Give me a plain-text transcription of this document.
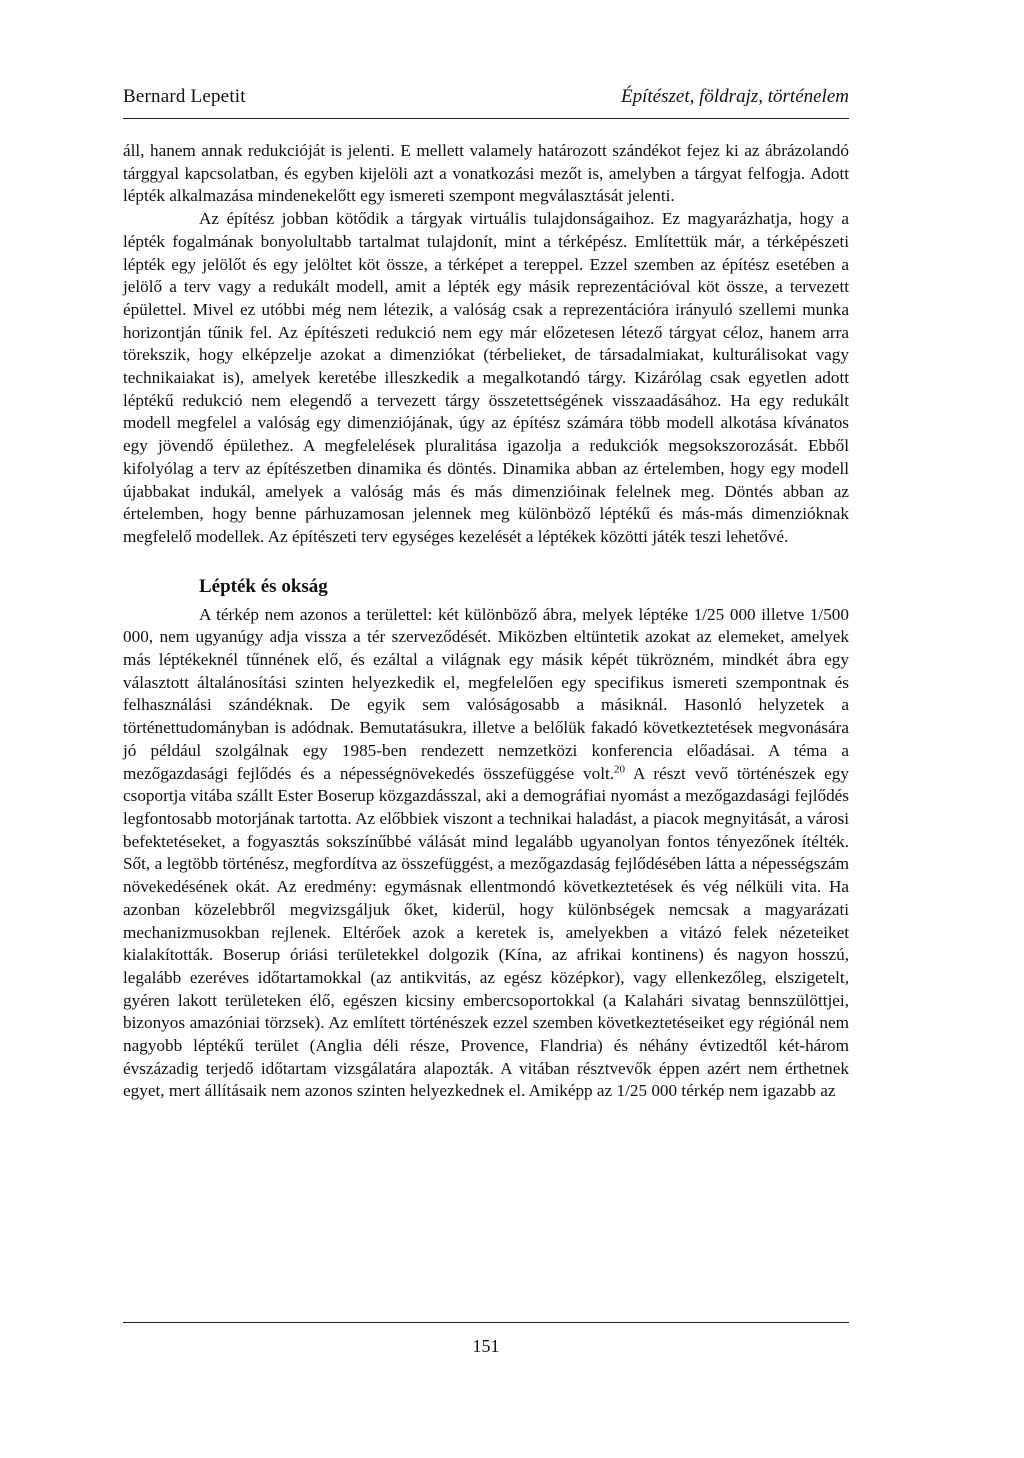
Bernard Lepetit	Építészet, földrajz, történelem

áll, hanem annak redukcióját is jelenti. E mellett valamely határozott szándékot fejez ki az ábrázolandó tárggyal kapcsolatban, és egyben kijelöli azt a vonatkozási mezőt is, amelyben a tárgyat felfogja. Adott lépték alkalmazása mindenekelőtt egy ismereti szempont megválasztását jelenti.

Az építész jobban kötődik a tárgyak virtuális tulajdonságaihoz. Ez magyarázhatja, hogy a lépték fogalmának bonyolultabb tartalmat tulajdonít, mint a térképész. Említettük már, a térképészeti lépték egy jelölőt és egy jelöltet köt össze, a térképet a tereppel. Ezzel szemben az építész esetében a jelölő a terv vagy a redukált modell, amit a lépték egy másik reprezentációval köt össze, a tervezett épülettel. Mivel ez utóbbi még nem létezik, a valóság csak a reprezentációra irányuló szellemi munka horizontján tűnik fel. Az építészeti redukció nem egy már előzetesen létező tárgyat céloz, hanem arra törekszik, hogy elképzelje azokat a dimenziókat (térbelieket, de társadalmiakat, kulturálisokat vagy technikaiakat is), amelyek keretébe illeszkedik a megalkotandó tárgy. Kizárólag csak egyetlen adott léptékű redukció nem elegendő a tervezett tárgy összetettségének visszaadásához. Ha egy redukált modell megfelel a valóság egy dimenziójának, úgy az építész számára több modell alkotása kívánatos egy jövendő épülethez. A megfelelések pluralitása igazolja a redukciók megsokszorozását. Ebből kifolyólag a terv az építészetben dinamika és döntés. Dinamika abban az értelemben, hogy egy modell újabbakat indukál, amelyek a valóság más és más dimenzióinak felelnek meg. Döntés abban az értelemben, hogy benne párhuzamosan jelennek meg különböző léptékű és más-más dimenzióknak megfelelő modellek. Az építészeti terv egységes kezelését a léptékek közötti játék teszi lehetővé.

Lépték és okság

A térkép nem azonos a területtel: két különböző ábra, melyek léptéke 1/25 000 illetve 1/500 000, nem ugyanúgy adja vissza a tér szerveződését. Miközben eltüntetik azokat az elemeket, amelyek más léptékeknél tűnnének elő, és ezáltal a világnak egy másik képét tükrözném, mindkét ábra egy választott általánosítási szinten helyezkedik el, megfelelően egy specifikus ismereti szempontnak és felhasználási szándéknak. De egyik sem valóságosabb a másiknál. Hasonló helyzetek a történettudományban is adódnak. Bemutatásukra, illetve a belőlük fakadó következtetések megvonására jó például szolgálnak egy 1985-ben rendezett nemzetközi konferencia előadásai. A téma a mezőgazdasági fejlődés és a népességnövekedés összefüggése volt.$^{20}$ A részt vevő történészek egy csoportja vitába szállt Ester Boserup közgazdásszal, aki a demográfiai nyomást a mezőgazdasági fejlődés legfontosabb motorjának tartotta. Az előbbiek viszont a technikai haladást, a piacok megnyitását, a városi befektetéseket, a fogyasztás sokszínűbbé válását mind legalább ugyanolyan fontos tényezőnek ítélték. Sőt, a legtöbb történész, megfordítva az összefüggést, a mezőgazdaság fejlődésében látta a népességszám növekedésének okát. Az eredmény: egymásnak ellentmondó következtetések és vég nélküli vita. Ha azonban közelebbről megvizsgáljuk őket, kiderül, hogy különbségek nemcsak a magyarázati mechanizmusokban rejlenek. Eltérőek azok a keretek is, amelyekben a vitázó felek nézeteiket kialakították. Boserup óriási területekkel dolgozik (Kína, az afrikai kontinens) és nagyon hosszú, legalább ezeréves időtartamokkal (az antikvitás, az egész középkor), vagy ellenkezőleg, elszigetelt, gyéren lakott területeken élő, egészen kicsiny embercsoportokkal (a Kalahári sivatag bennszülöttjei, bizonyos amazóniai törzsek). Az említett történészek ezzel szemben következtetéseiket egy régiónál nem nagyobb léptékű terület (Anglia déli része, Provence, Flandria) és néhány évtizedtől két-három évszázadig terjedő időtartam vizsgálatára alapozták. A vitában résztvevők éppen azért nem érthetnek egyet, mert állításaik nem azonos szinten helyezkednek el. Amiképp az 1/25 000 térkép nem igazabb az

151
